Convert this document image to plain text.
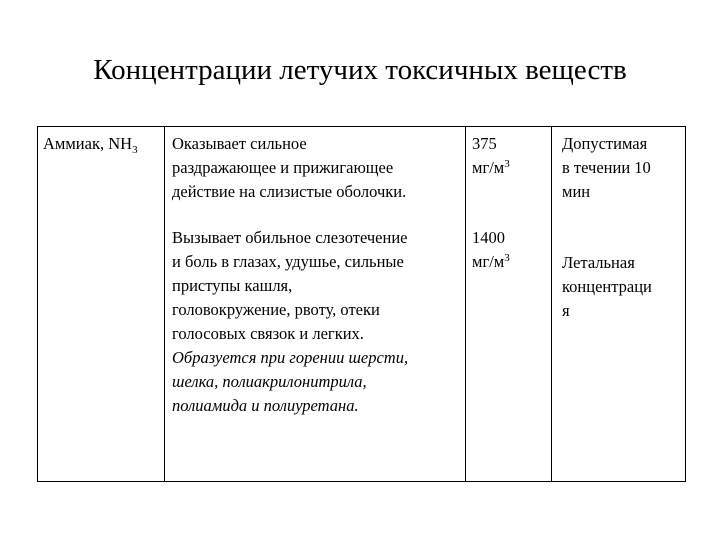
Концентрации летучих токсичных веществ
Аммиак, $NH_3$ Оказывает сильное
раздражающее и прижигающее
действие на слизистые оболочки.
375
$мг/м^3$
Допустимая
в течении 10
мин
Вызывает обильное слезотечение
и боль в глазах, удушье, сильные
приступы кашля,
головокружение, рвоту, отеки
голосовых связок и легких.
Образуется при горении шерсти,
шелка, полиакрилонитрила,
полиамида и полиуретана.
1400
$мг/м^3$	Летальная
концентраци
я
